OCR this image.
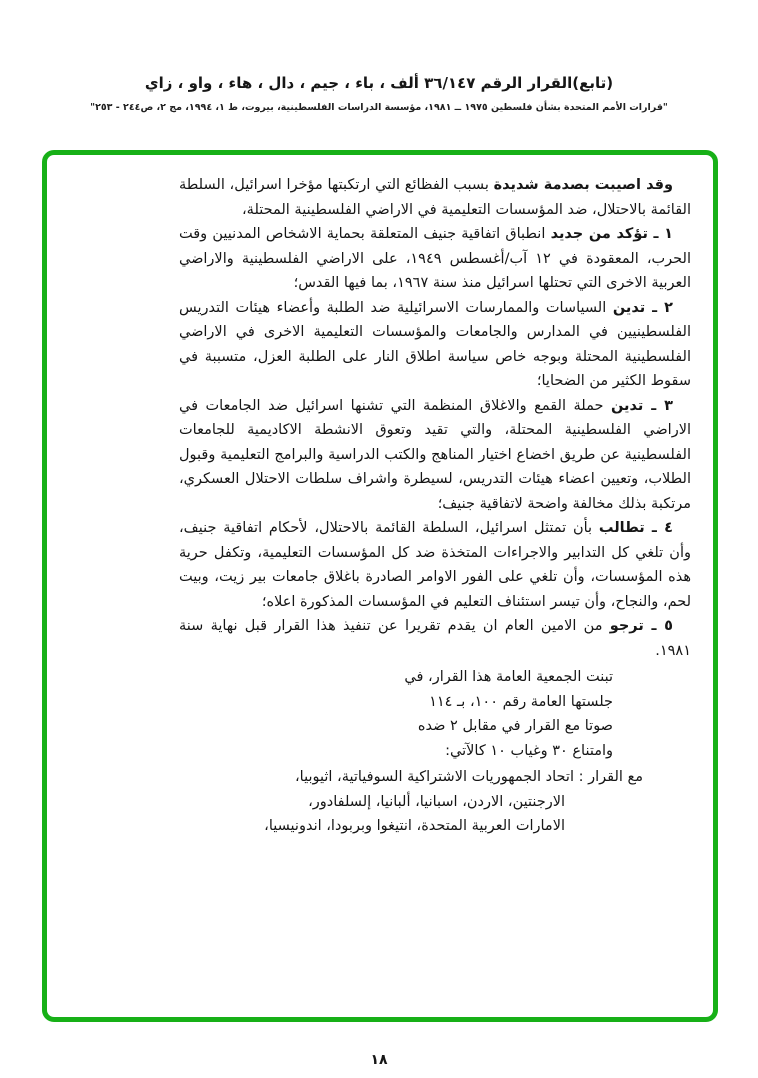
(تابع)القرار الرقم ٣٦/١٤٧ ألف ، باء ، جيم ، دال ، هاء ، واو ، زاي
"قرارات الأمم المتحدة بشأن فلسطين ١٩٧٥ ــ ١٩٨١، مؤسسة الدراسات الفلسطينية، بيروت، ط ١، ١٩٩٤، مج ٢، ص٢٤٤ - ٢٥٣"

وقد اصيبت بصدمة شديدة بسبب الفظائع التي ارتكبتها مؤخرا اسرائيل، السلطة القائمة بالاحتلال، ضد المؤسسات التعليمية في الاراضي الفلسطينية المحتلة،

١ ـ تؤكد من جديد انطباق اتفاقية جنيف المتعلقة بحماية الاشخاص المدنيين وقت الحرب، المعقودة في ١٢ آب/أغسطس ١٩٤٩، على الاراضي الفلسطينية والاراضي العربية الاخرى التي تحتلها اسرائيل منذ سنة ١٩٦٧، بما فيها القدس؛

٢ ـ تدين السياسات والممارسات الاسرائيلية ضد الطلبة وأعضاء هيئات التدريس الفلسطينيين في المدارس والجامعات والمؤسسات التعليمية الاخرى في الاراضي الفلسطينية المحتلة وبوجه خاص سياسة اطلاق النار على الطلبة العزل، متسببة في سقوط الكثير من الضحايا؛

٣ ـ تدين حملة القمع والاغلاق المنظمة التي تشنها اسرائيل ضد الجامعات في الاراضي الفلسطينية المحتلة، والتي تقيد وتعوق الانشطة الاكاديمية للجامعات الفلسطينية عن طريق اخضاع اختيار المناهج والكتب الدراسية والبرامج التعليمية وقبول الطلاب، وتعيين اعضاء هيئات التدريس، لسيطرة واشراف سلطات الاحتلال العسكري، مرتكبة بذلك مخالفة واضحة لاتفاقية جنيف؛

٤ ـ تطالب بأن تمتثل اسرائيل، السلطة القائمة بالاحتلال، لأحكام اتفاقية جنيف، وأن تلغي كل التدابير والاجراءات المتخذة ضد كل المؤسسات التعليمية، وتكفل حرية هذه المؤسسات، وأن تلغي على الفور الاوامر الصادرة باغلاق جامعات بير زيت، وبيت لحم، والنجاح، وأن تيسر استئناف التعليم في المؤسسات المذكورة اعلاه؛

٥ ـ ترجو من الامين العام ان يقدم تقريرا عن تنفيذ هذا القرار قبل نهاية سنة ١٩٨١.

تبنت الجمعية العامة هذا القرار، في
جلستها العامة رقم ١٠٠، بـ ١١٤
صوتا مع القرار في مقابل ٢ ضده
وامتناع ٣٠ وغياب ١٠ كالآتي:
مع القرار : اتحاد الجمهوريات الاشتراكية السوفياتية، اثيوبيا،
الارجنتين، الاردن، اسبانيا، ألبانيا، إلسلفادور،
الامارات العربية المتحدة، انتيغوا وبربودا، اندونيسيا،
١٨
